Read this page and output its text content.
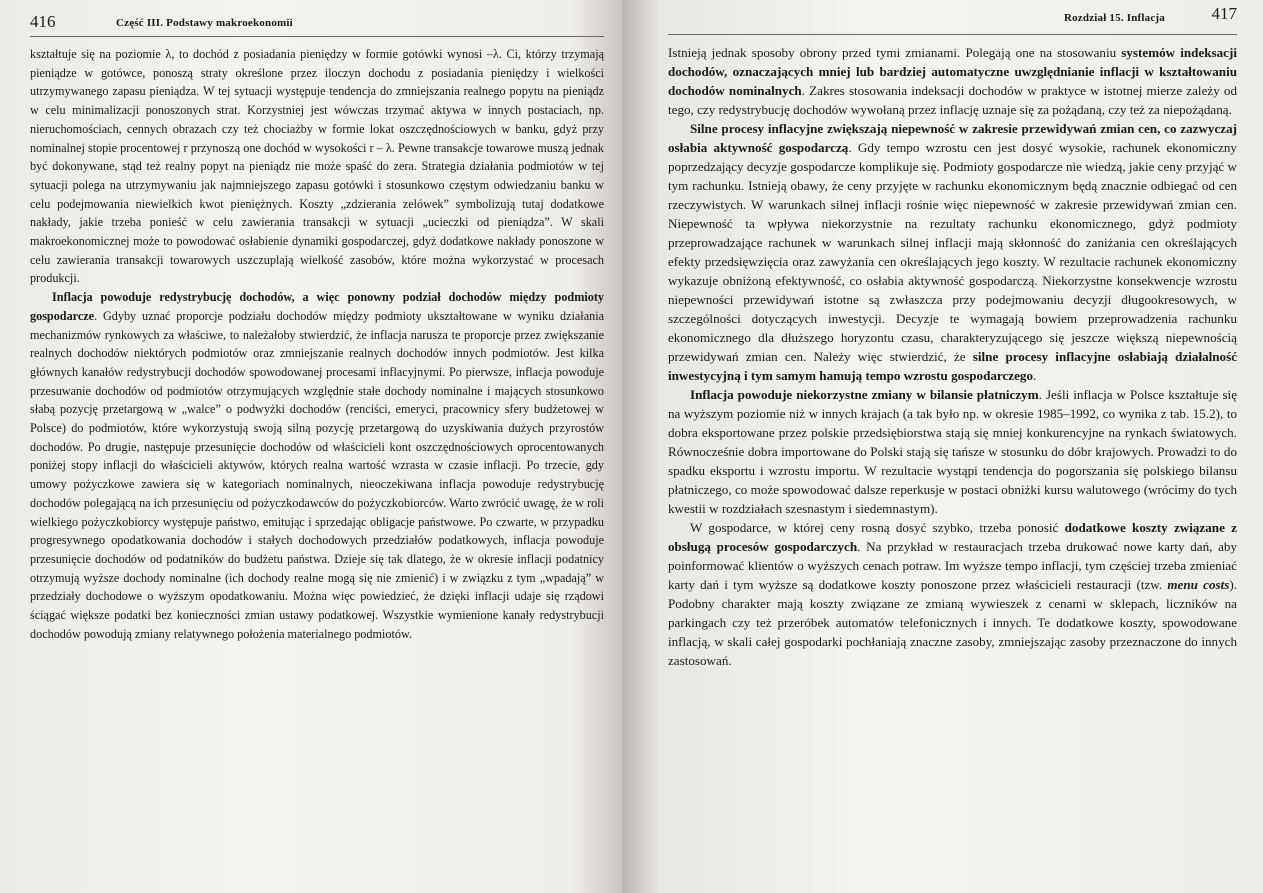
416	Część III. Podstawy makroekonomii

kształtuje się na poziomie λ, to dochód z posiadania pieniędzy w formie gotówki wynosi –λ. Ci, którzy trzymają pieniądze w gotówce, ponoszą straty określone przez iloczyn dochodu z posiadania pieniędzy i wielkości utrzymywanego zapasu pieniądza. W tej sytuacji występuje tendencja do zmniejszania realnego popytu na pieniądz w celu minimalizacji ponoszonych strat. Korzystniej jest wówczas trzymać aktywa w innych postaciach, np. nieruchomościach, cennych obrazach czy też chociażby w formie lokat oszczędnościowych w banku, gdyż przy nominalnej stopie procentowej r przynoszą one dochód w wysokości r – λ. Pewne transakcje towarowe muszą jednak być dokonywane, stąd też realny popyt na pieniądz nie może spaść do zera. Strategia działania podmiotów w tej sytuacji polega na utrzymywaniu jak najmniejszego zapasu gotówki i stosunkowo częstym odwiedzaniu banku w celu podejmowania niewielkich kwot pieniężnych. Koszty „zdzierania zelówek” symbolizują tutaj dodatkowe nakłady, jakie trzeba ponieść w celu zawierania transakcji w sytuacji „ucieczki od pieniądza”. W skali makroekonomicznej może to powodować osłabienie dynamiki gospodarczej, gdyż dodatkowe nakłady ponoszone w celu zawierania transakcji towarowych uszczuplają wielkość zasobów, które można wykorzystać w procesach produkcji.

Inflacja powoduje redystrybucję dochodów, a więc ponowny podział dochodów między podmioty gospodarcze. Gdyby uznać proporcje podziału dochodów między podmioty ukształtowane w wyniku działania mechanizmów rynkowych za właściwe, to należałoby stwierdzić, że inflacja narusza te proporcje przez zwiększanie realnych dochodów niektórych podmiotów oraz zmniejszanie realnych dochodów innych podmiotów. Jest kilka głównych kanałów redystrybucji dochodów spowodowanej procesami inflacyjnymi. Po pierwsze, inflacja powoduje przesuwanie dochodów od podmiotów otrzymujących względnie stałe dochody nominalne i mających stosunkowo słabą pozycję przetargową w „walce” o podwyżki dochodów (renciści, emeryci, pracownicy sfery budżetowej w Polsce) do podmiotów, które wykorzystują swoją silną pozycję przetargową do uzyskiwania dużych przyrostów dochodów. Po drugie, następuje przesunięcie dochodów od właścicieli kont oszczędnościowych oprocentowanych poniżej stopy inflacji do właścicieli aktywów, których realna wartość wzrasta w czasie inflacji. Po trzecie, gdy umowy pożyczkowe zawiera się w kategoriach nominalnych, nieoczekiwana inflacja powoduje redystrybucję dochodów polegającą na ich przesunięciu od pożyczkodawców do pożyczkobiorców. Warto zwrócić uwagę, że w roli wielkiego pożyczkobiorcy występuje państwo, emitując i sprzedając obligacje państwowe. Po czwarte, w przypadku progresywnego opodatkowania dochodów i stałych dochodowych przedziałów podatkowych, inflacja powoduje przesunięcie dochodów od podatników do budżetu państwa. Dzieje się tak dlatego, że w okresie inflacji podatnicy otrzymują wyższe dochody nominalne (ich dochody realne mogą się nie zmienić) i w związku z tym „wpadają” w przedziały dochodowe o wyższym opodatkowaniu. Można więc powiedzieć, że dzięki inflacji udaje się rządowi ściągać większe podatki bez konieczności zmian ustawy podatkowej. Wszystkie wymienione kanały redystrybucji dochodów powodują zmiany relatywnego położenia materialnego podmiotów.

Rozdział 15. Inflacja	417

Istnieją jednak sposoby obrony przed tymi zmianami. Polegają one na stosowaniu systemów indeksacji dochodów, oznaczających mniej lub bardziej automatyczne uwzględnianie inflacji w kształtowaniu dochodów nominalnych. Zakres stosowania indeksacji dochodów w praktyce w istotnej mierze zależy od tego, czy redystrybucję dochodów wywołaną przez inflację uznaje się za pożądaną, czy też za niepożądaną.

Silne procesy inflacyjne zwiększają niepewność w zakresie przewidywań zmian cen, co zazwyczaj osłabia aktywność gospodarczą. Gdy tempo wzrostu cen jest dosyć wysokie, rachunek ekonomiczny poprzedzający decyzje gospodarcze komplikuje się. Podmioty gospodarcze nie wiedzą, jakie ceny przyjąć w tym rachunku. Istnieją obawy, że ceny przyjęte w rachunku ekonomicznym będą znacznie odbiegać od cen rzeczywistych. W warunkach silnej inflacji rośnie więc niepewność w zakresie przewidywań zmian cen. Niepewność ta wpływa niekorzystnie na rezultaty rachunku ekonomicznego, gdyż podmioty przeprowadzające rachunek w warunkach silnej inflacji mają skłonność do zaniżania cen określających efekty przedsięwzięcia oraz zawyżania cen określających jego koszty. W rezultacie rachunek ekonomiczny wykazuje obniżoną efektywność, co osłabia aktywność gospodarczą. Niekorzystne konsekwencje wzrostu niepewności przewidywań istotne są zwłaszcza przy podejmowaniu decyzji długookresowych, w szczególności dotyczących inwestycji. Decyzje te wymagają bowiem przeprowadzenia rachunku ekonomicznego dla dłuższego horyzontu czasu, charakteryzującego się jeszcze większą niepewnością przewidywań zmian cen. Należy więc stwierdzić, że silne procesy inflacyjne osłabiają działalność inwestycyjną i tym samym hamują tempo wzrostu gospodarczego.

Inflacja powoduje niekorzystne zmiany w bilansie płatniczym. Jeśli inflacja w Polsce kształtuje się na wyższym poziomie niż w innych krajach (a tak było np. w okresie 1985–1992, co wynika z tab. 15.2), to dobra eksportowane przez polskie przedsiębiorstwa stają się mniej konkurencyjne na rynkach światowych. Równocześnie dobra importowane do Polski stają się tańsze w stosunku do dóbr krajowych. Prowadzi to do spadku eksportu i wzrostu importu. W rezultacie wystąpi tendencja do pogorszania się polskiego bilansu płatniczego, co może spowodować dalsze reperkusje w postaci obniżki kursu walutowego (wrócimy do tych kwestii w rozdziałach szesnastym i siedemnastym).

W gospodarce, w której ceny rosną dosyć szybko, trzeba ponosić dodatkowe koszty związane z obsługą procesów gospodarczych. Na przykład w restauracjach trzeba drukować nowe karty dań, aby poinformować klientów o wyższych cenach potraw. Im wyższe tempo inflacji, tym częściej trzeba zmieniać karty dań i tym wyższe są dodatkowe koszty ponoszone przez właścicieli restauracji (tzw. menu costs). Podobny charakter mają koszty związane ze zmianą wywieszek z cenami w sklepach, liczników na parkingach czy też przeróbek automatów telefonicznych i innych. Te dodatkowe koszty, spowodowane inflacją, w skali całej gospodarki pochłaniają znaczne zasoby, zmniejszając zasoby przeznaczone do innych zastosowań.
